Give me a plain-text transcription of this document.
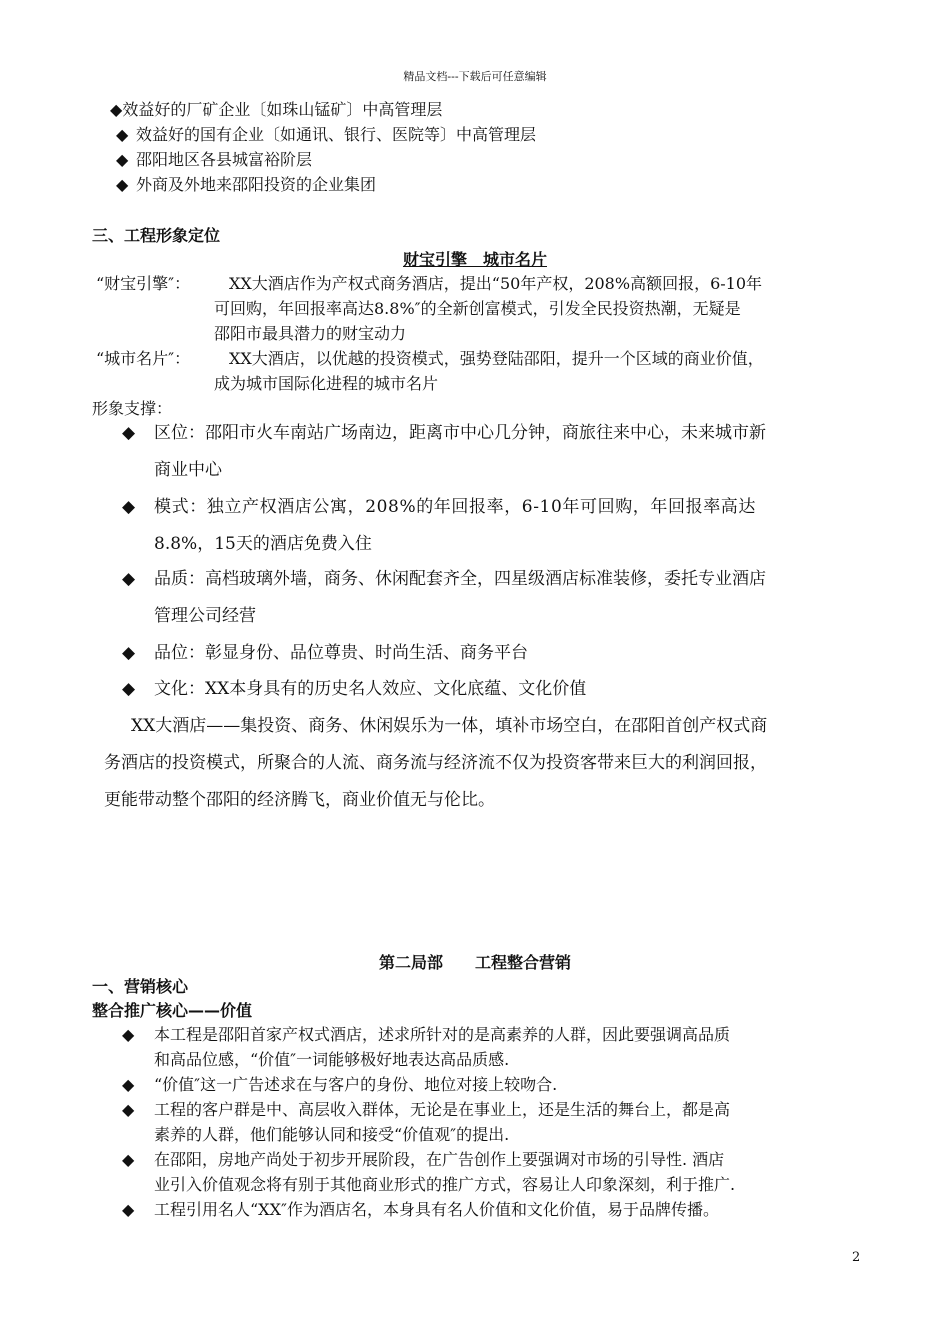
精品文档---下载后可任意编辑
◆效益好的厂矿企业〔如珠山锰矿〕中高管理层
◆ 效益好的国有企业〔如通讯、银行、医院等〕中高管理层
◆ 邵阳地区各县城富裕阶层
◆ 外商及外地来邵阳投资的企业集团
三、工程形象定位
财宝引擎　城市名片
“财宝引擎″： XX大酒店作为产权式商务酒店，提出“50年产权，208%高额回报，6-10年
可回购，年回报率高达8.8%″的全新创富模式，引发全民投资热潮，无疑是
邵阳市最具潜力的财宝动力
“城市名片″： XX大酒店，以优越的投资模式，强势登陆邵阳，提升一个区域的商业价值，
成为城市国际化进程的城市名片
形象支撑：
◆ 区位：邵阳市火车南站广场南边，距离市中心几分钟，商旅往来中心，未来城市新
商业中心
◆ 模式：独立产权酒店公寓，208%的年回报率，6-10年可回购，年回报率高达
8.8%，15天的酒店免费入住
◆ 品质：高档玻璃外墙，商务、休闲配套齐全，四星级酒店标准装修，委托专业酒店
管理公司经营
◆ 品位：彰显身份、品位尊贵、时尚生活、商务平台
◆ 文化：XX本身具有的历史名人效应、文化底蕴、文化价值
XX大酒店——集投资、商务、休闲娱乐为一体，填补市场空白，在邵阳首创产权式商
务酒店的投资模式，所聚合的人流、商务流与经济流不仅为投资客带来巨大的利润回报，
更能带动整个邵阳的经济腾飞，商业价值无与伦比。
第二局部　　工程整合营销
一、营销核心
整合推广核心——价值
◆ 本工程是邵阳首家产权式酒店，述求所针对的是高素养的人群，因此要强调高品质
和高品位感，“价值″一词能够极好地表达高品质感.
◆ “价值″这一广告述求在与客户的身份、地位对接上较吻合.
◆ 工程的客户群是中、高层收入群体，无论是在事业上，还是生活的舞台上，都是高
素养的人群，他们能够认同和接受“价值观″的提出.
◆ 在邵阳，房地产尚处于初步开展阶段，在广告创作上要强调对市场的引导性. 酒店
业引入价值观念将有别于其他商业形式的推广方式，容易让人印象深刻，利于推广.
◆ 工程引用名人“XX″作为酒店名，本身具有名人价值和文化价值，易于品牌传播。
2
